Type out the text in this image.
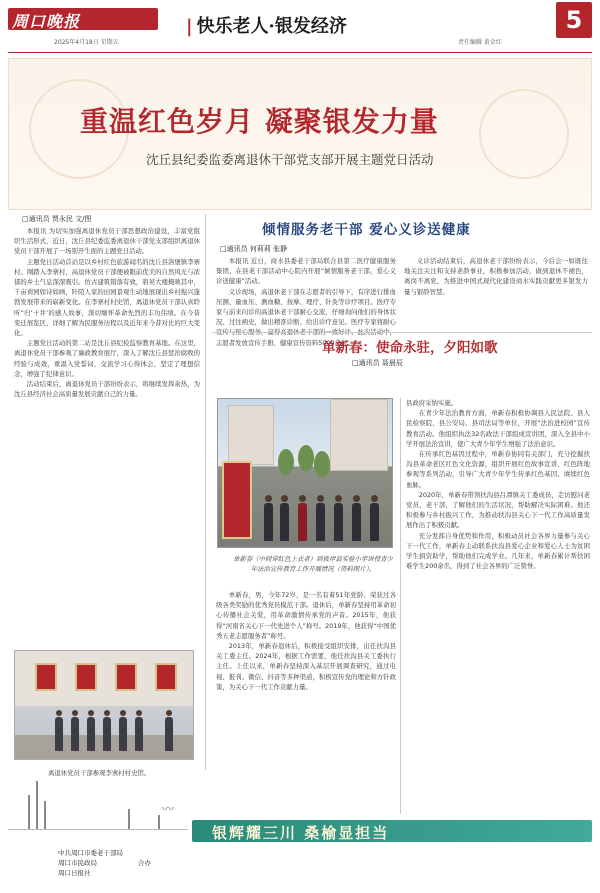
周口晚报
2025年4月18日 星期五
| 快乐老人·银发经济
责任编辑 黄金红
5
重温红色岁月 凝聚银发力量
沈丘县纪委监委离退休干部党支部开展主题党日活动
□通讯员 贾永民 文/图

本报讯 为切实加强离退休党员干部思想政治建设，丰富党组织生活形式，近日，沈丘县纪委监委离退休干部党支部组织离退休党员干部开展了一场别开生面的主题党日活动。

主题党日活动首站是以乡村红色旅游闻名的沈丘县洛堡镇李寨村。刚踏入李寨村，高退休党员干部便被眼前优美的自然风光与浓郁的乡土气息深深吸引。仿古建筑错落有致，碧荚大楼掩映其中，千亩荷园如诗如画，阡陌人家的田园景观生动地展现出乡村振兴蓬勃发展带来的崭新变化。在李寨村村史馆，离退休党员干部认真聆听“归‘十井’的感人故事，深切缅怀革命先烈的丰功伟绩。在今昔变迁展览区，详细了解为民服务历程以及近年来今昔对比的巨大变化。

主题党日活动的第二站是沈丘县纪检监察教育基地。在这里，离退休党员干部参观了廉政教育展厅，深入了解沈丘县惩治腐败的经验与成效，重温入党誓词，交流学习心得体会，坚定了理想信念，增强了纪律意识。

活动结束后，离退休党员干部纷纷表示，将继续发挥余热，为沈丘县经济社会高质量发展贡献自己的力量。

离退休党员干部参观李寨村村史馆。
倾情服务老干部 爱心义诊送健康
□通讯员 何莉莉 张静

本报讯 近日，商水县委老干部局联合县第二医疗健康服务集团，在县老干部活动中心院内开展“倾情服务老干部，爱心义诊送健康”活动。

义诊现场，高退休老干部在志愿者的引导下，有序进行排血压测、量血压、测血糖、按摩、理疗、针灸等诊疗项目。医疗专家与前来问诊的高退休老干部耐心交流，仔细询问他们的身体状况、过往病史，做出精准诊断、给出诊疗意见。医疗专家将耐心 志愿者发放宣传手册、健康宣传资料5000余份。

义诊活动结束后，高退休老干部纷纷表示，今后会一如既往地关注关注和支持老龄事业，积极参加活动，做到退休不褪色，离岗不离党，为推进中国式现代化建设商水实践贡献更多银发力量与银龄智慧。

单新春：使命永驻，夕阳如歌
□通讯员 聂晨辰
单新春（中间穿红色上衣者）到彼岸县实验小学讲授青少年法治宣传教育工作开展情况（资料图片）。

单新春，男，今年72岁，是一名有着51年党龄、荣获过各级各类奖励的优秀党员模范干部。退休后，单新春坚持用革命初心传播社会关爱，用革命激情传承党的声音。2015年，他获得“河南省关心下一代先进个人”称号。2019年，他获得“中国优秀五老志愿服务者”称号。

2013年，单新春退休后，积极接受组织安排，出任扶沟县关工委主任。2024年，根据工作需要，他任扶沟县关工委执行主任。上任以来，单新春坚持深入基层开展调查研究，通过电视、报刊、微信、抖音等多种渠道，积极宣传党的理论和方针政策，为关心下一代工作贡献力量。

县政府采纳实施。

在青少年法治教育方面，单新春积极协调县人民法院、县人民检察院、县公安局、县司法局等单位，开展“法治进校园”宣传教育活动。他组织执法32名政法干部组成宣讲团，深入全县中小学开展法治宣讲，使广大青少年学生增强了法治意识。

在传承红色基因过程中，单新春协同有关部门，充分挖掘扶沟县革命老区红色文化资源，组织开展红色故事宣讲、红色阵地参观等系列活动，引导广大青少年学生传承红色基因、赓续红色血脉。

2020年，单新春带领扶沟县吕潭镇关工委成员，走访慰问老党员、老干部，了解他们的生活状况，帮助解决实际困难。他还积极参与乡村振兴工作，为推动扶沟县关心下一代工作高质量发展作出了积极贡献。

充分发挥自身优势和作用，积极动员社会各界力量参与关心下一代工作，单新春主动联系扶沟县爱心企业和爱心人士为贫困学生捐资助学，帮助他们完成学业。几年来，单新春累计帮扶困难学生200余名，得到了社会各界的广泛赞誉。

〰
银辉耀三川 桑榆显担当
中共周口市委老干部局
周口市民政局
周口日报社
合办
